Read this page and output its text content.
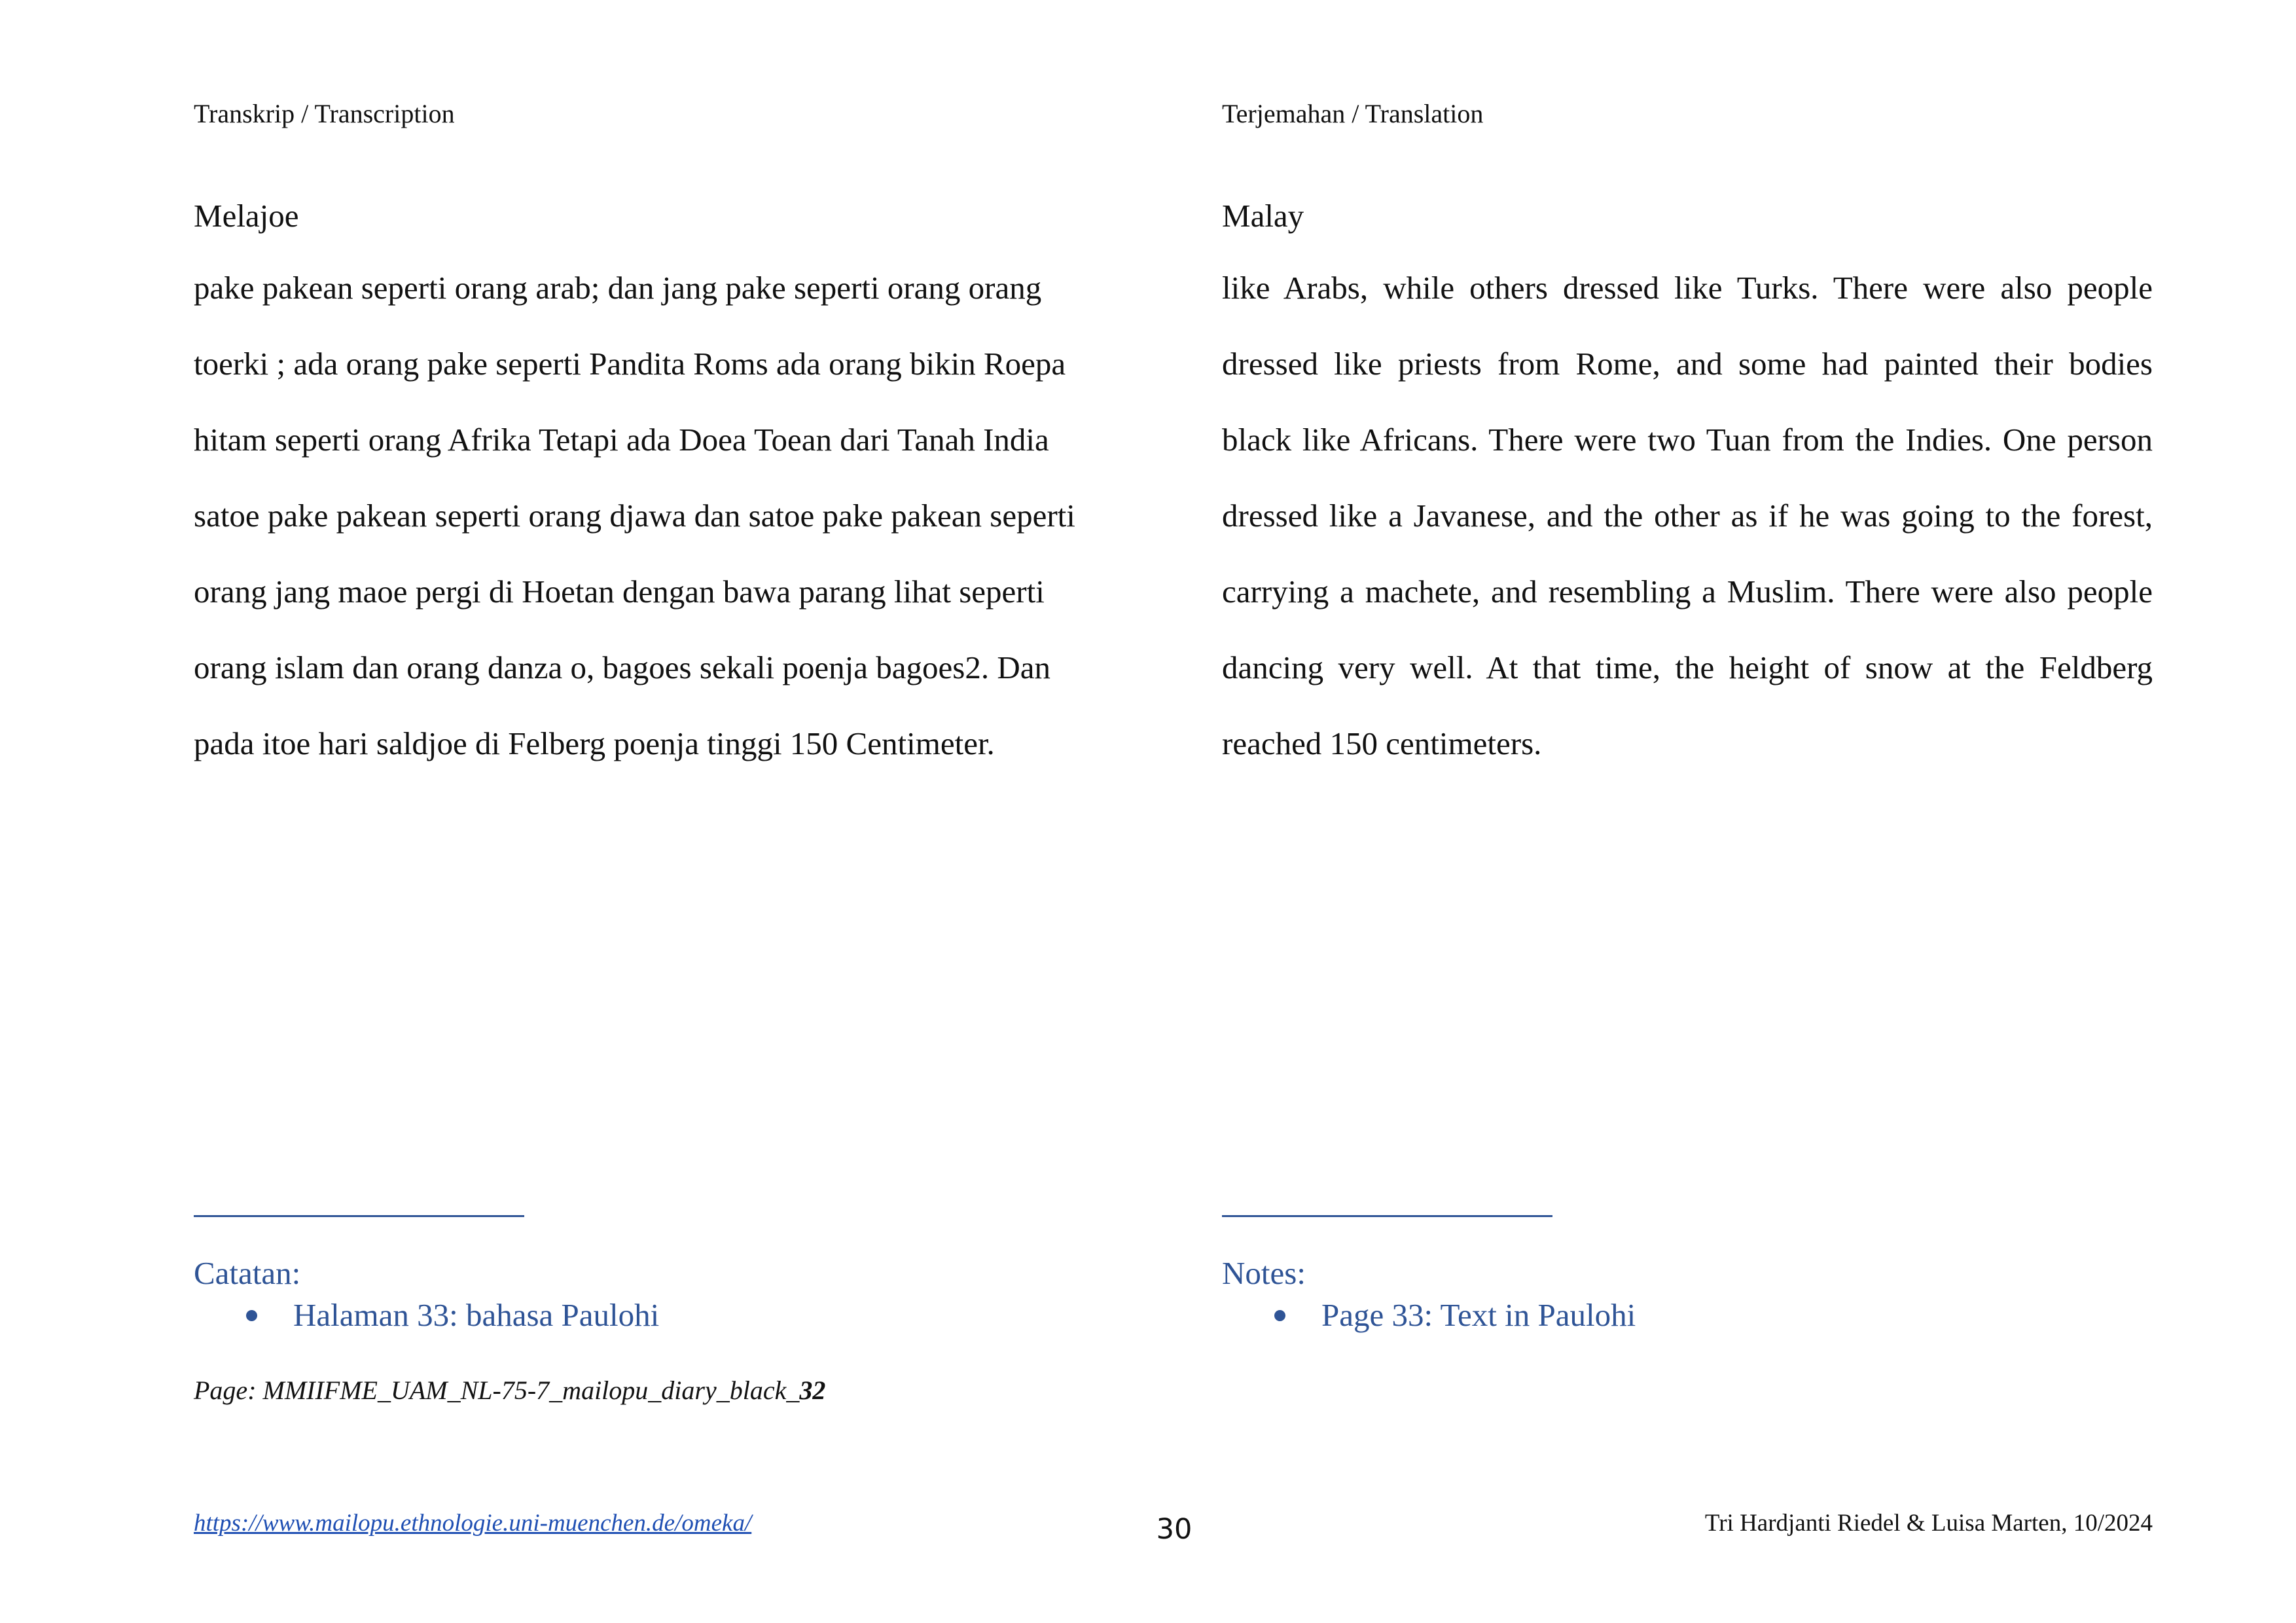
Transkrip / Transcription
Melajoe
pake pakean seperti orang arab; dan jang pake seperti orang orang
toerki ; ada orang pake seperti Pandita Roms ada orang bikin Roepa
hitam seperti orang Afrika Tetapi ada Doea Toean dari Tanah India
satoe pake pakean seperti orang djawa dan satoe pake pakean seperti
orang jang maoe pergi di Hoetan dengan bawa parang lihat seperti
orang islam dan orang danza o, bagoes sekali poenja bagoes2. Dan
pada itoe hari saldjoe di Felberg poenja tinggi 150 Centimeter.
Catatan:
Halaman 33: bahasa Paulohi
Page: MMIIFME_UAM_NL-75-7_mailopu_diary_black_32
Terjemahan / Translation
Malay
like Arabs, while others dressed like Turks. There were also people
dressed like priests from Rome, and some had painted their bodies
black like Africans. There were two Tuan from the Indies. One person
dressed like a Javanese, and the other as if he was going to the forest,
carrying a machete, and resembling a Muslim. There were also people
dancing very well. At that time, the height of snow at the Feldberg
reached 150 centimeters.
Notes:
Page 33: Text in Paulohi
https://www.mailopu.ethnologie.uni-muenchen.de/omeka/	30	Tri Hardjanti Riedel & Luisa Marten, 10/2024
